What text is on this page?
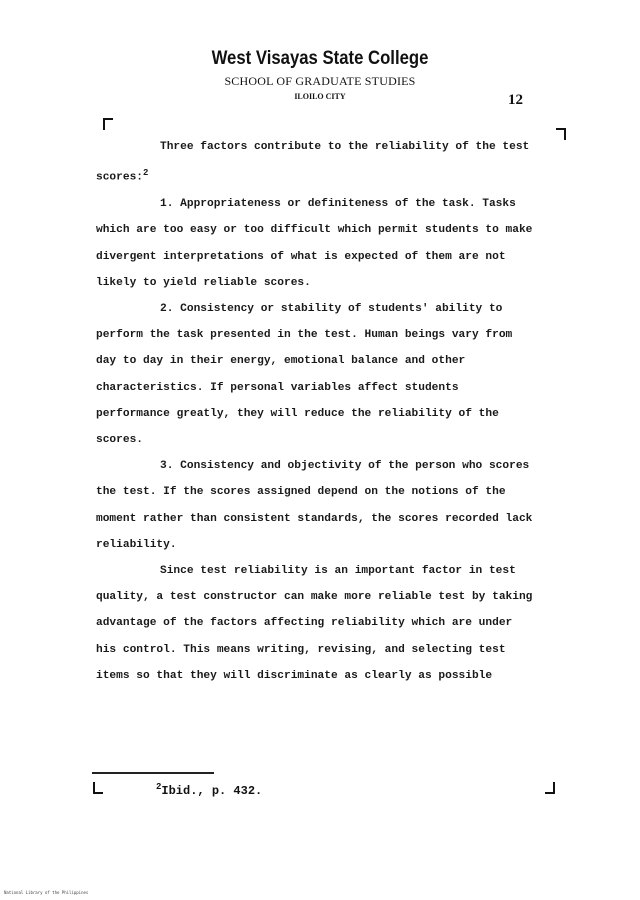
West Visayas State College
SCHOOL OF GRADUATE STUDIES
ILOILO CITY	12

Three factors contribute to the reliability of the test scores:$^2$

1. Appropriateness or definiteness of the task. Tasks which are too easy or too difficult which permit students to make divergent interpretations of what is expected of them are not likely to yield reliable scores.

2. Consistency or stability of students' ability to perform the task presented in the test. Human beings vary from day to day in their energy, emotional balance and other characteristics. If personal variables affect students performance greatly, they will reduce the reliability of the scores.

3. Consistency and objectivity of the person who scores the test. If the scores assigned depend on the notions of the moment rather than consistent standards, the scores recorded lack reliability.

Since test reliability is an important factor in test quality, a test constructor can make more reliable test by taking advantage of the factors affecting reliability which are under his control. This means writing, revising, and selecting test items so that they will discriminate as clearly as possible

$^2$Ibid., p. 432.
National Library of the Philippines
